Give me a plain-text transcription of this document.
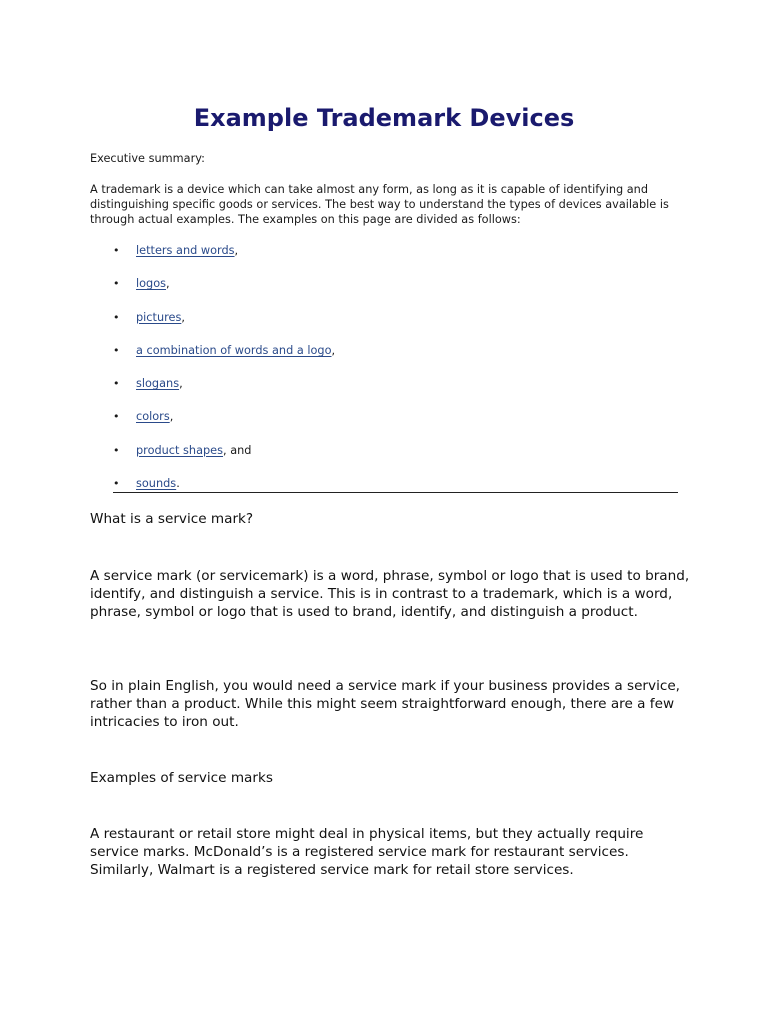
Example Trademark Devices

Executive summary:

A trademark is a device which can take almost any form, as long as it is capable of identifying and distinguishing specific goods or services. The best way to understand the types of devices available is through actual examples. The examples on this page are divided as follows:

• letters and words,
• logos,
• pictures,
• a combination of words and a logo,
• slogans,
• colors,
• product shapes, and
• sounds.

What is a service mark?

A service mark (or servicemark) is a word, phrase, symbol or logo that is used to brand, identify, and distinguish a service. This is in contrast to a trademark, which is a word, phrase, symbol or logo that is used to brand, identify, and distinguish a product.

So in plain English, you would need a service mark if your business provides a service, rather than a product. While this might seem straightforward enough, there are a few intricacies to iron out.

Examples of service marks

A restaurant or retail store might deal in physical items, but they actually require service marks. McDonald’s is a registered service mark for restaurant services. Similarly, Walmart is a registered service mark for retail store services.
